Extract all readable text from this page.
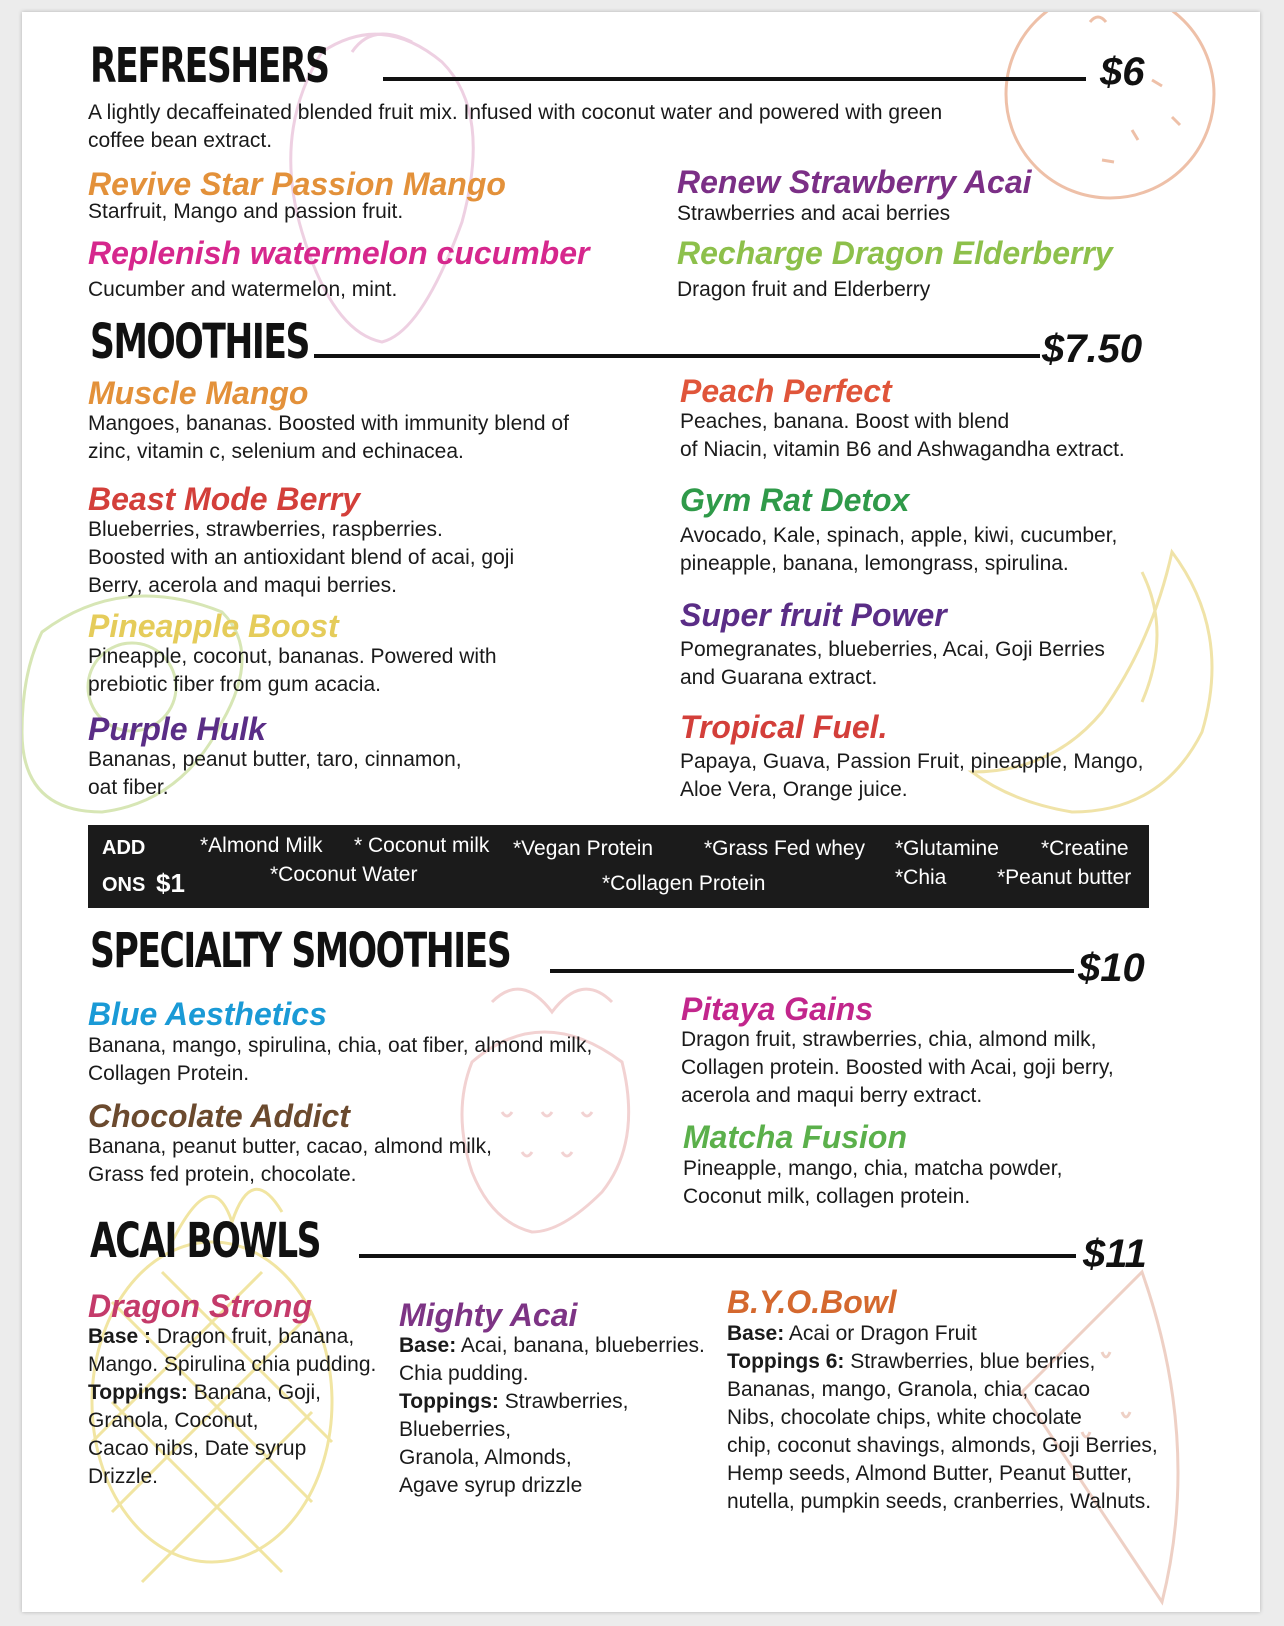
REFRESHERS	$6
A lightly decaffeinated blended fruit mix. Infused with coconut water and powered with green
coffee bean extract.
Revive Star Passion Mango
Starfruit, Mango and passion fruit.
Renew Strawberry Acai
Strawberries and acai berries
Replenish watermelon cucumber
Cucumber and watermelon, mint.
Recharge Dragon Elderberry
Dragon fruit and Elderberry
SMOOTHIES	$7.50
Muscle Mango
Mangoes, bananas. Boosted with immunity blend of
zinc, vitamin c, selenium and echinacea.
Peach Perfect
Peaches, banana. Boost with blend
of Niacin, vitamin B6 and Ashwagandha extract.
Beast Mode Berry
Blueberries, strawberries, raspberries.
Boosted with an antioxidant blend of acai, goji
Berry, acerola and maqui berries.
Gym Rat Detox
Avocado, Kale, spinach, apple, kiwi, cucumber,
pineapple, banana, lemongrass, spirulina.
Pineapple Boost
Pineapple, coconut, bananas. Powered with
prebiotic fiber from gum acacia.
Super fruit Power
Pomegranates, blueberries, Acai, Goji Berries
and Guarana extract.
Purple Hulk
Bananas, peanut butter, taro, cinnamon,
oat fiber.
Tropical Fuel.
Papaya, Guava, Passion Fruit, pineapple, Mango,
Aloe Vera, Orange juice.
ADD
ONS $1
*Almond Milk * Coconut milk
*Coconut Water
*Vegan Protein
*Collagen Protein
*Grass Fed whey *Glutamine
*Chia
*Creatine
*Peanut butter
SPECIALTY SMOOTHIES	$10
Blue Aesthetics
Banana, mango, spirulina, chia, oat fiber, almond milk,
Collagen Protein.
Pitaya Gains
Dragon fruit, strawberries, chia, almond milk,
Collagen protein. Boosted with Acai, goji berry,
acerola and maqui berry extract.
Chocolate Addict
Banana, peanut butter, cacao, almond milk,
Grass fed protein, chocolate.
Matcha Fusion
Pineapple, mango, chia, matcha powder,
Coconut milk, collagen protein.
ACAI BOWLS	$11
Dragon Strong
Base : Dragon fruit, banana,
Mango. Spirulina chia pudding.
Toppings: Banana, Goji,
Granola, Coconut,
Cacao nibs, Date syrup
Drizzle.
Mighty Acai
Base: Acai, banana, blueberries.
Chia pudding.
Toppings: Strawberries,
Blueberries,
Granola, Almonds,
Agave syrup drizzle
B.Y.O.Bowl
Base: Acai or Dragon Fruit
Toppings 6: Strawberries, blue berries,
Bananas, mango, Granola, chia, cacao
Nibs, chocolate chips, white chocolate
chip, coconut shavings, almonds, Goji Berries,
Hemp seeds, Almond Butter, Peanut Butter,
nutella, pumpkin seeds, cranberries, Walnuts.
